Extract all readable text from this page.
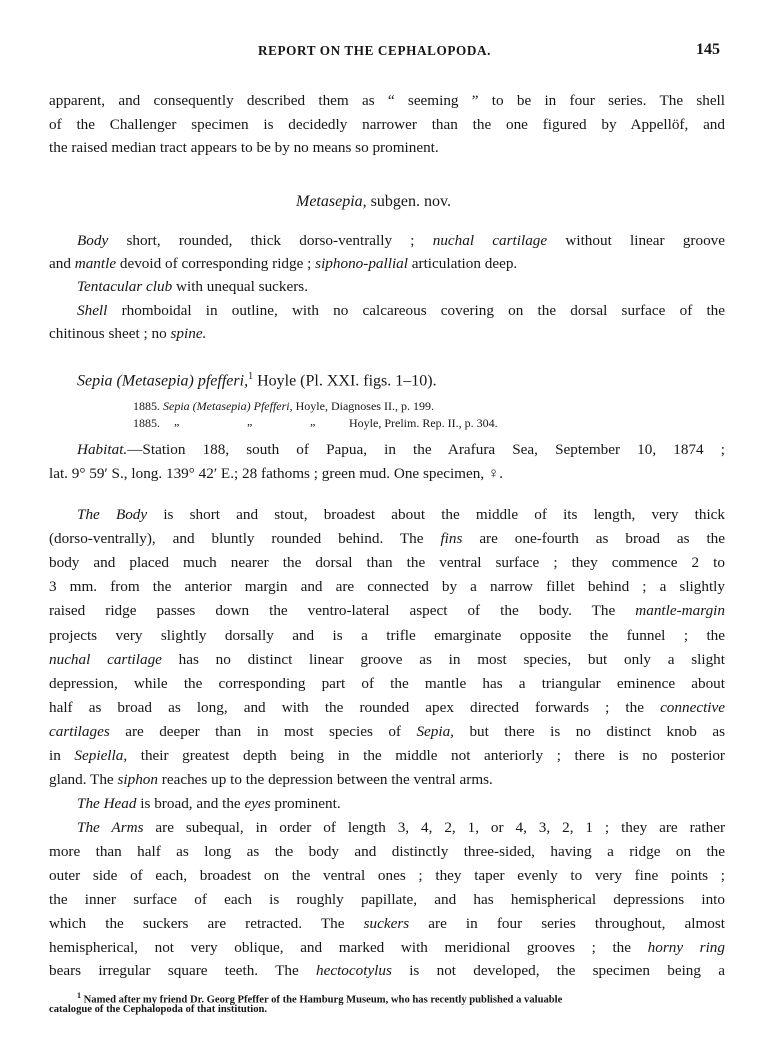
REPORT ON THE CEPHALOPODA.	145
apparent, and consequently described them as “ seeming ” to be in four series. The shell
of the Challenger specimen is decidedly narrower than the one figured by Appellöf, and
the raised median tract appears to be by no means so prominent.
Metasepia, subgen. nov.
Body short, rounded, thick dorso-ventrally ; nuchal cartilage without linear groove
and mantle devoid of corresponding ridge ; siphono-pallial articulation deep.
Tentacular club with unequal suckers.
Shell rhomboidal in outline, with no calcareous covering on the dorsal surface of the
chitinous sheet ; no spine.
Sepia (Metasepia) pfefferi,$^1$ Hoyle (Pl. XXI. figs. 1–10).
1885. Sepia (Metasepia) Pfefferi, Hoyle, Diagnoses II., p. 199.
1885. „	„	„	Hoyle, Prelim. Rep. II., p. 304.
Habitat.—Station 188, south of Papua, in the Arafura Sea, September 10, 1874 ;
lat. 9° 59′ S., long. 139° 42′ E.; 28 fathoms ; green mud. One specimen, ♀.
The Body is short and stout, broadest about the middle of its length, very thick
(dorso-ventrally), and bluntly rounded behind. The fins are one-fourth as broad as the
body and placed much nearer the dorsal than the ventral surface ; they commence 2 to
3 mm. from the anterior margin and are connected by a narrow fillet behind ; a slightly
raised ridge passes down the ventro-lateral aspect of the body. The mantle-margin
projects very slightly dorsally and is a trifle emarginate opposite the funnel ; the
nuchal cartilage has no distinct linear groove as in most species, but only a slight
depression, while the corresponding part of the mantle has a triangular eminence about
half as broad as long, and with the rounded apex directed forwards ; the connective
cartilages are deeper than in most species of Sepia, but there is no distinct knob as
in Sepiella, their greatest depth being in the middle not anteriorly ; there is no posterior
gland. The siphon reaches up to the depression between the ventral arms.
The Head is broad, and the eyes prominent.
The Arms are subequal, in order of length 3, 4, 2, 1, or 4, 3, 2, 1 ; they are rather
more than half as long as the body and distinctly three-sided, having a ridge on the
outer side of each, broadest on the ventral ones ; they taper evenly to very fine points ;
the inner surface of each is roughly papillate, and has hemispherical depressions into
which the suckers are retracted. The suckers are in four series throughout, almost
hemispherical, not very oblique, and marked with meridional grooves ; the horny ring
bears irregular square teeth. The hectocotylus is not developed, the specimen being a
$^1$ Named after my friend Dr. Georg Pfeffer of the Hamburg Museum, who has recently published a valuable
catalogue of the Cephalopoda of that institution.
